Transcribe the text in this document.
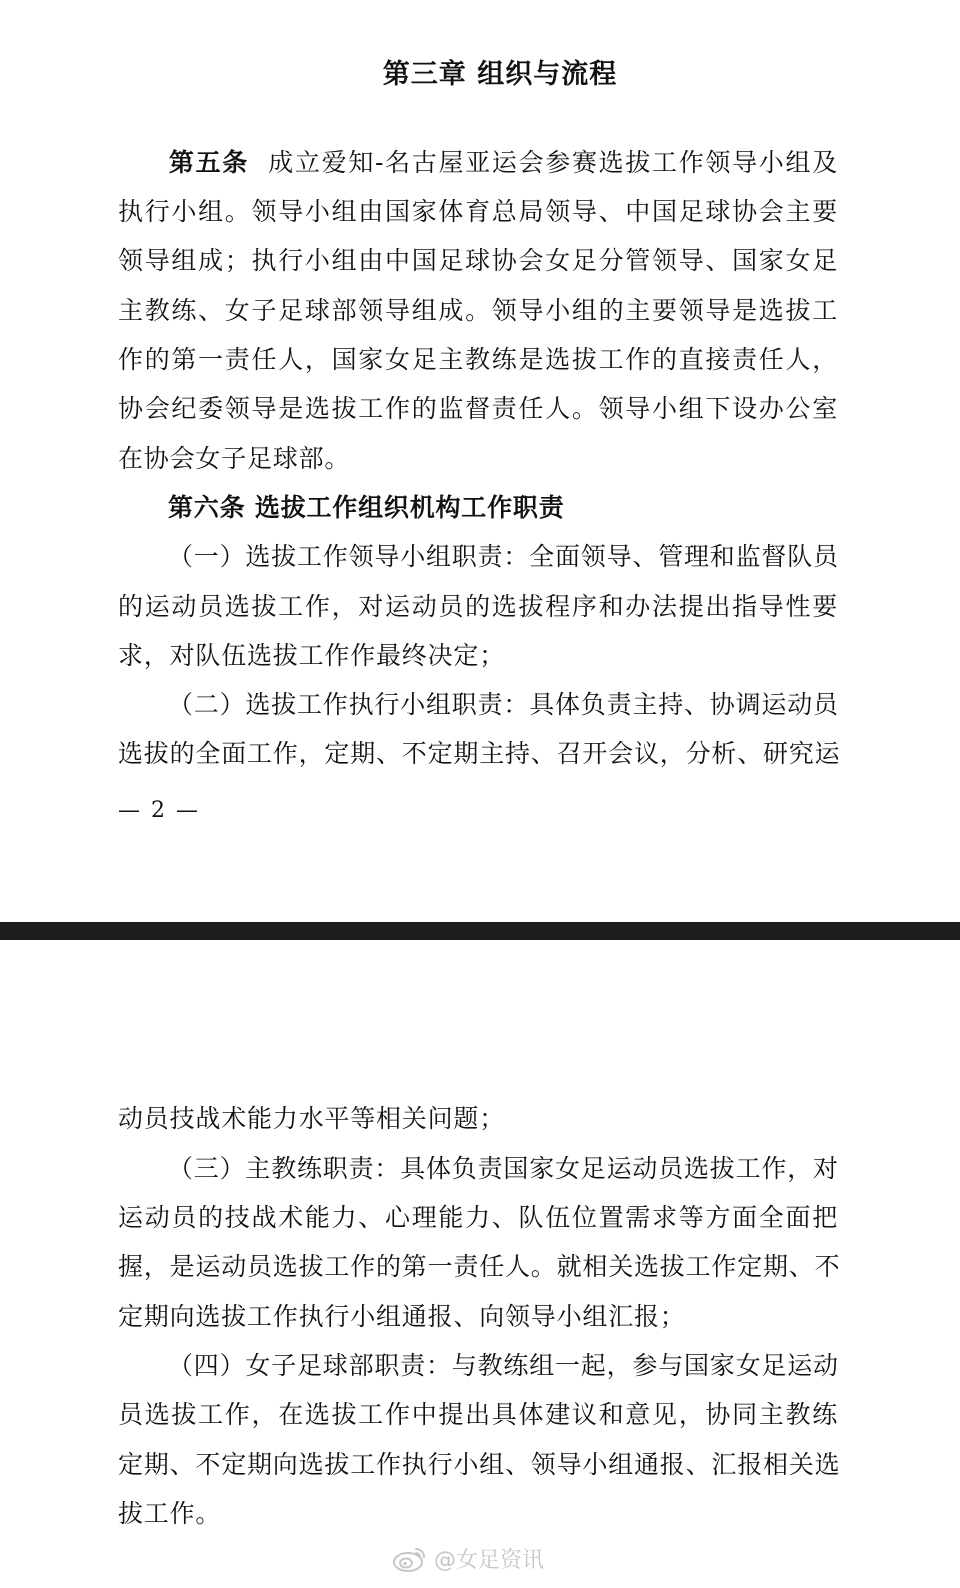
第三章 组织与流程
第五条 成立爱知-名古屋亚运会参赛选拔工作领导小组及
执行小组。领导小组由国家体育总局领导、中国足球协会主要
领导组成；执行小组由中国足球协会女足分管领导、国家女足
主教练、女子足球部领导组成。领导小组的主要领导是选拔工
作的第一责任人，国家女足主教练是选拔工作的直接责任人，
协会纪委领导是选拔工作的监督责任人。领导小组下设办公室
在协会女子足球部。
第六条 选拔工作组织机构工作职责
（一）选拔工作领导小组职责：全面领导、管理和监督队员
的运动员选拔工作，对运动员的选拔程序和办法提出指导性要
求，对队伍选拔工作作最终决定；
（二）选拔工作执行小组职责：具体负责主持、协调运动员
选拔的全面工作，定期、不定期主持、召开会议，分析、研究运
— 2 —
动员技战术能力水平等相关问题；
（三）主教练职责：具体负责国家女足运动员选拔工作，对
运动员的技战术能力、心理能力、队伍位置需求等方面全面把
握，是运动员选拔工作的第一责任人。就相关选拔工作定期、不
定期向选拔工作执行小组通报、向领导小组汇报；
（四）女子足球部职责：与教练组一起，参与国家女足运动
员选拔工作，在选拔工作中提出具体建议和意见，协同主教练
定期、不定期向选拔工作执行小组、领导小组通报、汇报相关选
拔工作。
@女足资讯
